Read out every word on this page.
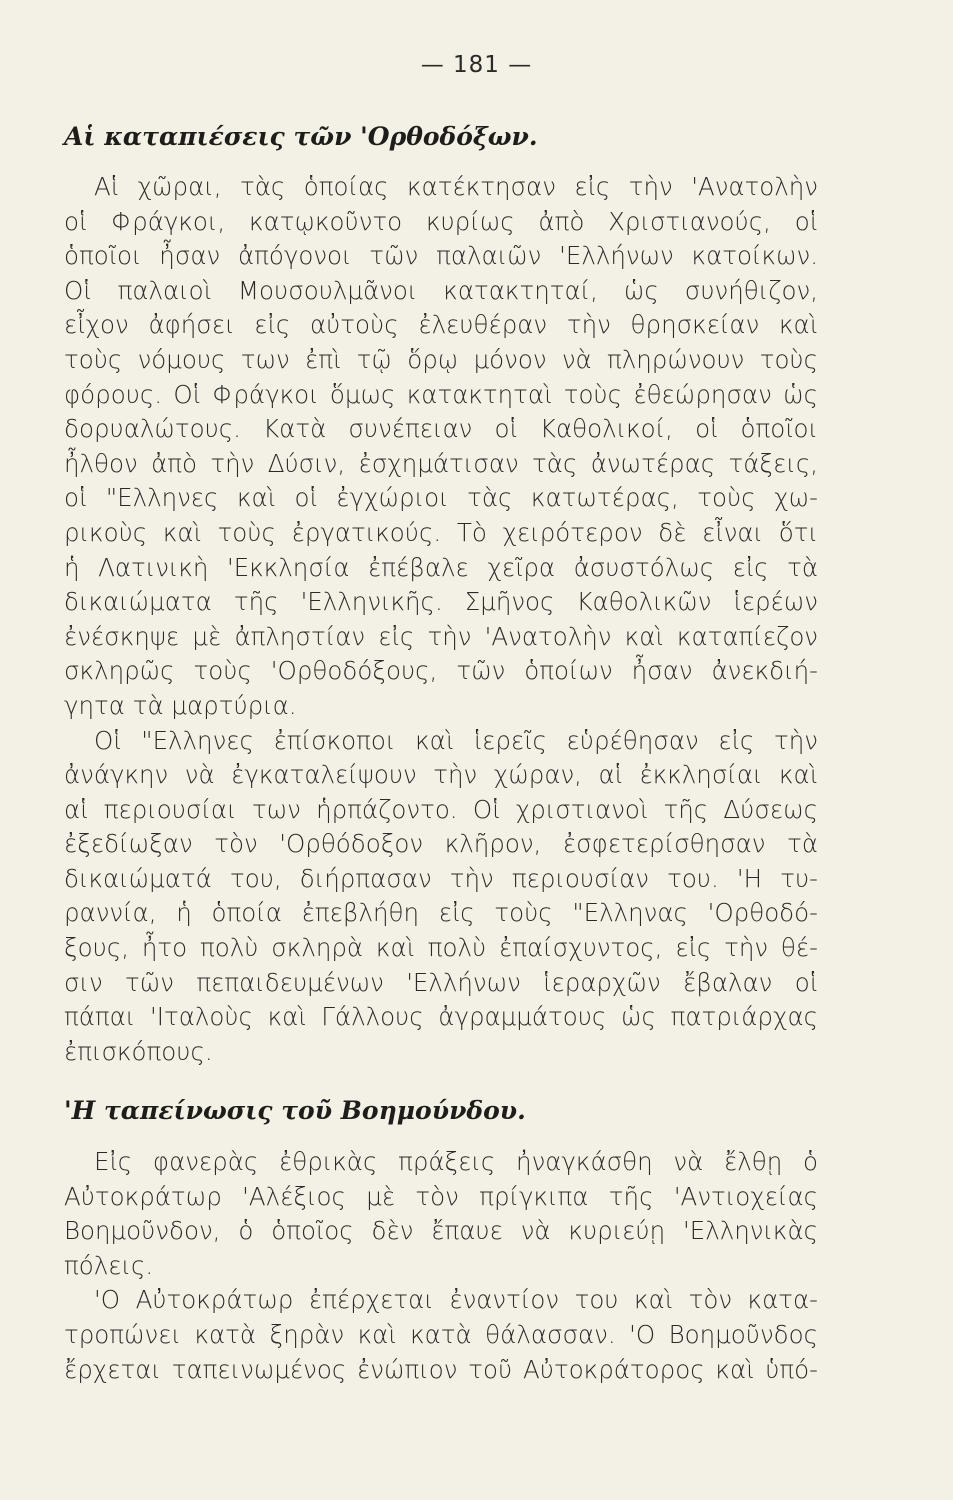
— 181 —
Αἱ καταπιέσεις τῶν 'Ορθοδόξων.
Αἱ χῶραι, τὰς ὁποίας κατέκτησαν εἰς τὴν 'Ανατολὴν
οἱ Φράγκοι, κατῳκοῦντο κυρίως ἀπὸ Χριστιανούς, οἱ
ὁποῖοι ἦσαν ἀπόγονοι τῶν παλαιῶν 'Ελλήνων κατοίκων.
Οἱ παλαιοὶ Μουσουλμᾶνοι κατακτηταί, ὡς συνήθιζον,
εἶχον ἀφήσει εἰς αὐτοὺς ἐλευθέραν τὴν θρησκείαν καὶ
τοὺς νόμους των ἐπὶ τῷ ὅρῳ μόνον νὰ πληρώνουν τοὺς
φόρους. Οἱ Φράγκοι ὅμως κατακτηταὶ τοὺς ἐθεώρησαν ὡς
δορυαλώτους. Κατὰ συνέπειαν οἱ Καθολικοί, οἱ ὁποῖοι
ἦλθον ἀπὸ τὴν Δύσιν, ἐσχημάτισαν τὰς ἀνωτέρας τάξεις,
οἱ "Ελληνες καὶ οἱ ἐγχώριοι τὰς κατωτέρας, τοὺς χω-
ρικοὺς καὶ τοὺς ἐργατικούς. Τὸ χειρότερον δὲ εἶναι ὅτι
ἡ Λατινικὴ 'Εκκλησία ἐπέβαλε χεῖρα ἀσυστόλως εἰς τὰ
δικαιώματα τῆς 'Ελληνικῆς. Σμῆνος Καθολικῶν ἱερέων
ἐνέσκηψε μὲ ἀπληστίαν εἰς τὴν 'Ανατολὴν καὶ καταπίεζον
σκληρῶς τοὺς 'Ορθοδόξους, τῶν ὁποίων ἦσαν ἀνεκδιή-
γητα τὰ μαρτύρια.
Οἱ "Ελληνες ἐπίσκοποι καὶ ἱερεῖς εὑρέθησαν εἰς τὴν
ἀνάγκην νὰ ἐγκαταλείψουν τὴν χώραν, αἱ ἐκκλησίαι καὶ
αἱ περιουσίαι των ἡρπάζοντο. Οἱ χριστιανοὶ τῆς Δύσεως
ἐξεδίωξαν τὸν 'Ορθόδοξον κλῆρον, ἐσφετερίσθησαν τὰ
δικαιώματά του, διήρπασαν τὴν περιουσίαν του. 'Η τυ-
ραννία, ἡ ὁποία ἐπεβλήθη εἰς τοὺς "Ελληνας 'Ορθοδό-
ξους, ἦτο πολὺ σκληρὰ καὶ πολὺ ἐπαίσχυντος, εἰς τὴν θέ-
σιν τῶν πεπαιδευμένων 'Ελλήνων ἱεραρχῶν ἔβαλαν οἱ
πάπαι 'Ιταλοὺς καὶ Γάλλους ἀγραμμάτους ὡς πατριάρχας
ἐπισκόπους.
'Η ταπείνωσις τοῦ Βοημούνδου.
Εἰς φανερὰς ἐθρικὰς πράξεις ἠναγκάσθη νὰ ἔλθῃ ὁ
Αὐτοκράτωρ 'Αλέξιος μὲ τὸν πρίγκιπα τῆς 'Αντιοχείας
Βοημοῦνδον, ὁ ὁποῖος δὲν ἔπαυε νὰ κυριεύῃ 'Ελληνικὰς
πόλεις.
'Ο Αὐτοκράτωρ ἐπέρχεται ἐναντίον του καὶ τὸν κατα-
τροπώνει κατὰ ξηρὰν καὶ κατὰ θάλασσαν. 'Ο Βοημοῦνδος
ἔρχεται ταπεινωμένος ἐνώπιον τοῦ Αὐτοκράτορος καὶ ὑπό-
